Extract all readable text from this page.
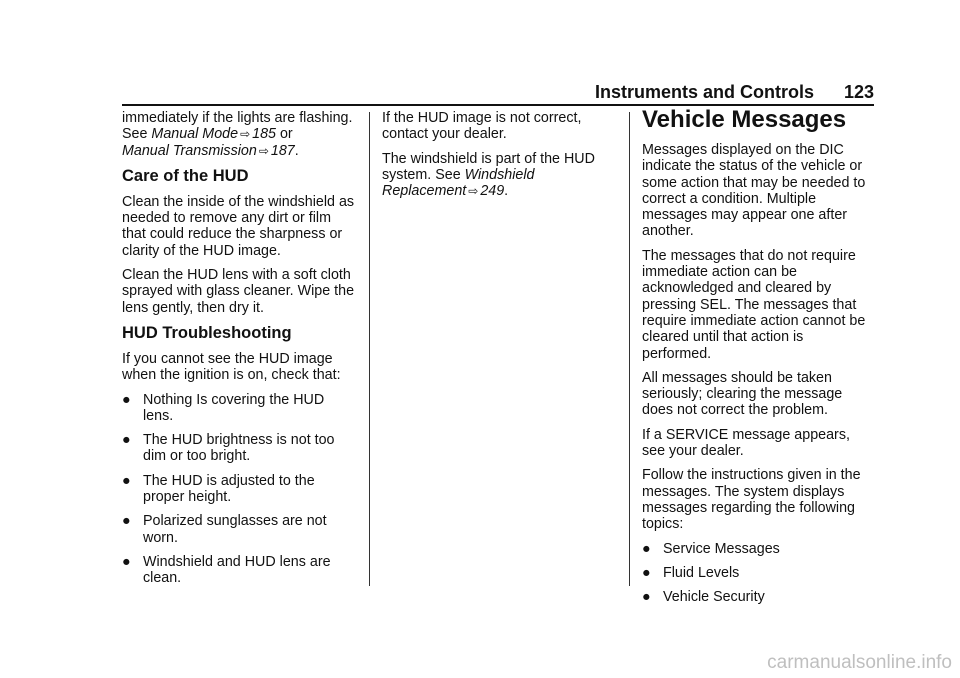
Instruments and Controls 123

immediately if the lights are flashing.
See Manual Mode ⇨ 185 or
Manual Transmission ⇨ 187.

Care of the HUD

Clean the inside of the windshield as needed to remove any dirt or film that could reduce the sharpness or clarity of the HUD image.

Clean the HUD lens with a soft cloth sprayed with glass cleaner. Wipe the lens gently, then dry it.

HUD Troubleshooting

If you cannot see the HUD image when the ignition is on, check that:

● Nothing Is covering the HUD lens.
● The HUD brightness is not too dim or too bright.
● The HUD is adjusted to the proper height.
● Polarized sunglasses are not worn.
● Windshield and HUD lens are clean.

If the HUD image is not correct, contact your dealer.

The windshield is part of the HUD system. See Windshield Replacement ⇨ 249.

Vehicle Messages

Messages displayed on the DIC indicate the status of the vehicle or some action that may be needed to correct a condition. Multiple messages may appear one after another.

The messages that do not require immediate action can be acknowledged and cleared by pressing SEL. The messages that require immediate action cannot be cleared until that action is performed.

All messages should be taken seriously; clearing the message does not correct the problem.

If a SERVICE message appears, see your dealer.

Follow the instructions given in the messages. The system displays messages regarding the following topics:

● Service Messages
● Fluid Levels
● Vehicle Security
carmanualsonline.info
